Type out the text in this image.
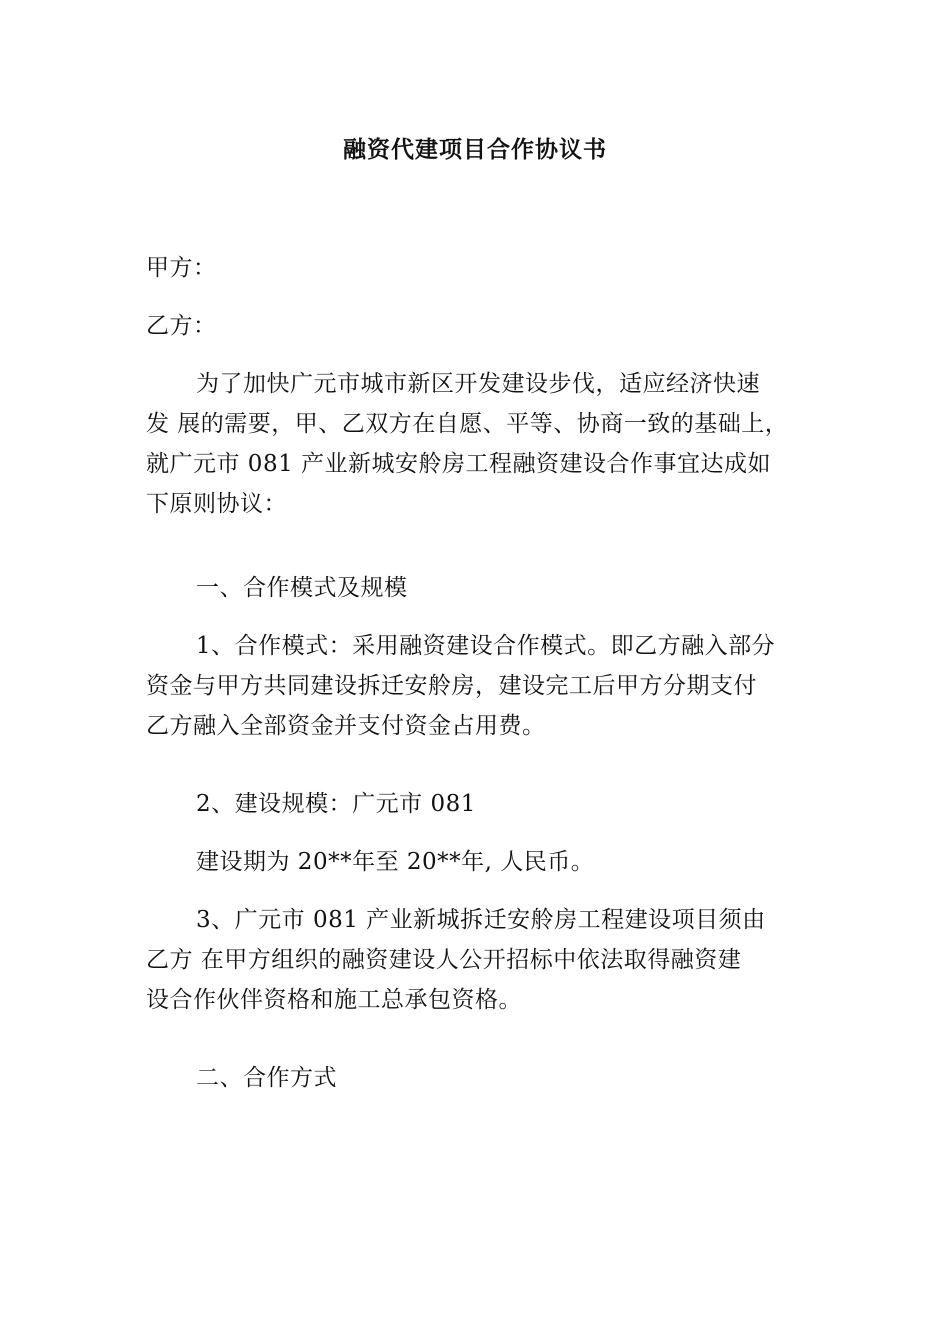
融资代建项目合作协议书
甲方：
乙方：
为了加快广元市城市新区开发建设步伐，适应经济快速
发 展的需要，甲、乙双方在自愿、平等、协商一致的基础上，
就广元市 081 产业新城安舲房工程融资建设合作事宜达成如
下原则协议：
一、合作模式及规模
1、合作模式：采用融资建设合作模式。即乙方融入部分
资金与甲方共同建设拆迁安舲房，建设完工后甲方分期支付
乙方融入全部资金并支付资金占用费。
2、建设规模：广元市 081
建设期为 20**年至 20**年, 人民币。
3、广元市 081 产业新城拆迁安舲房工程建设项目须由
乙方 在甲方组织的融资建设人公开招标中依法取得融资建
设合作伙伴资格和施工总承包资格。
二、合作方式
